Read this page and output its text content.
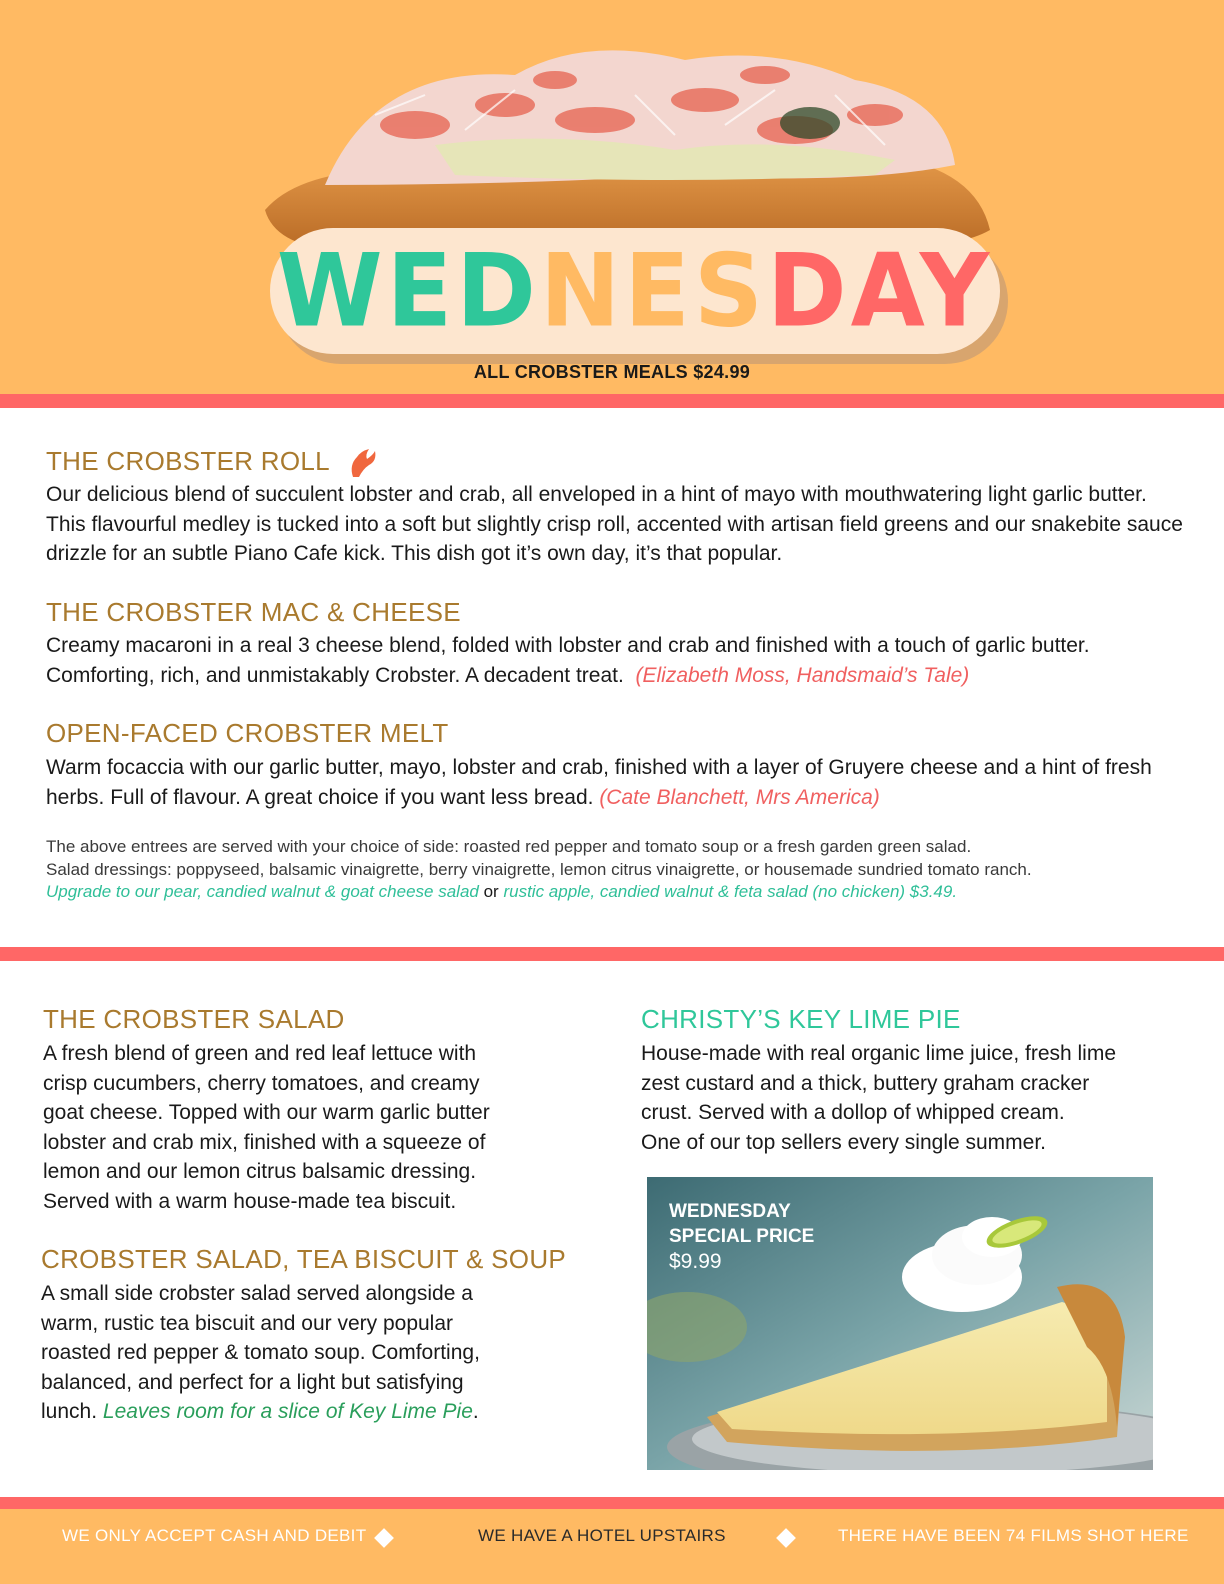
WEDNESDAY
ALL CROBSTER MEALS $24.99
THE CROBSTER ROLL
Our delicious blend of succulent lobster and crab, all enveloped in a hint of mayo with mouthwatering light garlic butter. This flavourful medley is tucked into a soft but slightly crisp roll, accented with artisan field greens and our snakebite sauce drizzle for an subtle Piano Cafe kick. This dish got it’s own day, it’s that popular.
THE CROBSTER MAC & CHEESE
Creamy macaroni in a real 3 cheese blend, folded with lobster and crab and finished with a touch of garlic butter. Comforting, rich, and unmistakably Crobster. A decadent treat. (Elizabeth Moss, Handsmaid’s Tale)
OPEN-FACED CROBSTER MELT
Warm focaccia with our garlic butter, mayo, lobster and crab, finished with a layer of Gruyere cheese and a hint of fresh herbs. Full of flavour. A great choice if you want less bread. (Cate Blanchett, Mrs America)
The above entrees are served with your choice of side: roasted red pepper and tomato soup or a fresh garden green salad.
Salad dressings: poppyseed, balsamic vinaigrette, berry vinaigrette, lemon citrus vinaigrette, or housemade sundried tomato ranch.
Upgrade to our pear, candied walnut & goat cheese salad or rustic apple, candied walnut & feta salad (no chicken) $3.49.
THE CROBSTER SALAD
A fresh blend of green and red leaf lettuce with
crisp cucumbers, cherry tomatoes, and creamy
goat cheese. Topped with our warm garlic butter
lobster and crab mix, finished with a squeeze of
lemon and our lemon citrus balsamic dressing.
Served with a warm house-made tea biscuit.
CROBSTER SALAD, TEA BISCUIT & SOUP
A small side crobster salad served alongside a
warm, rustic tea biscuit and our very popular
roasted red pepper & tomato soup. Comforting,
balanced, and perfect for a light but satisfying
lunch. Leaves room for a slice of Key Lime Pie.
CHRISTY’S KEY LIME PIE
House-made with real organic lime juice, fresh lime
zest custard and a thick, buttery graham cracker
crust. Served with a dollop of whipped cream.
One of our top sellers every single summer.
WEDNESDAY
SPECIAL PRICE
$9.99
WE ONLY ACCEPT CASH AND DEBIT	WE HAVE A HOTEL UPSTAIRS	THERE HAVE BEEN 74 FILMS SHOT HERE
